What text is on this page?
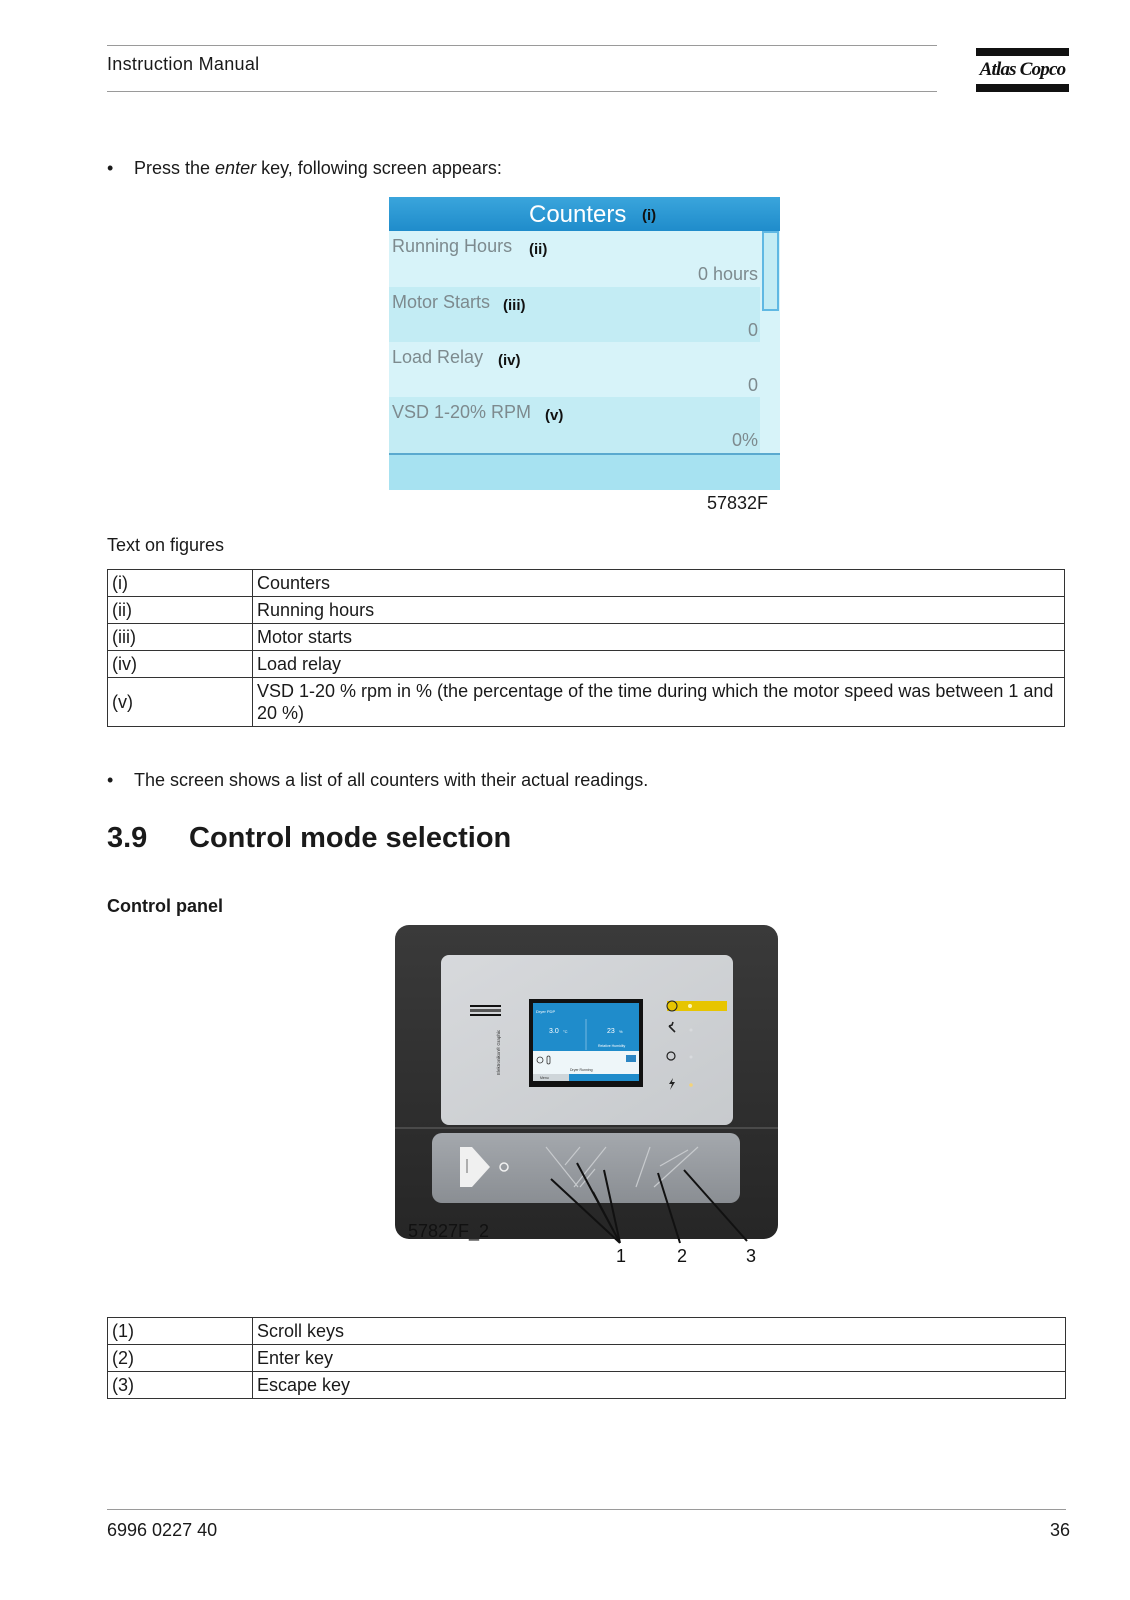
Instruction Manual	Atlas Copco
• Press the enter key, following screen appears:
Counters (i)
Running Hours (ii)
0 hours
Motor Starts (iii)
0
Load Relay (iv)
0
VSD 1-20% RPM (v)
0%
57832F
Text on figures
(i)	Counters
(ii)	Running hours
(iii)	Motor starts
(iv)	Load relay
(v)	VSD 1-20 % rpm in % (the percentage of the time during which the motor speed was between 1 and 20 %)
• The screen shows a list of all counters with their actual readings.
3.9 Control mode selection
Control panel
Elektronikon® Graphic
Dryer PDP
3.0 °C	23 %
Relative Humidity
Dryer Running
Menu
57827F_2
1	2	3
(1)	Scroll keys
(2)	Enter key
(3)	Escape key
6996 0227 40	36
